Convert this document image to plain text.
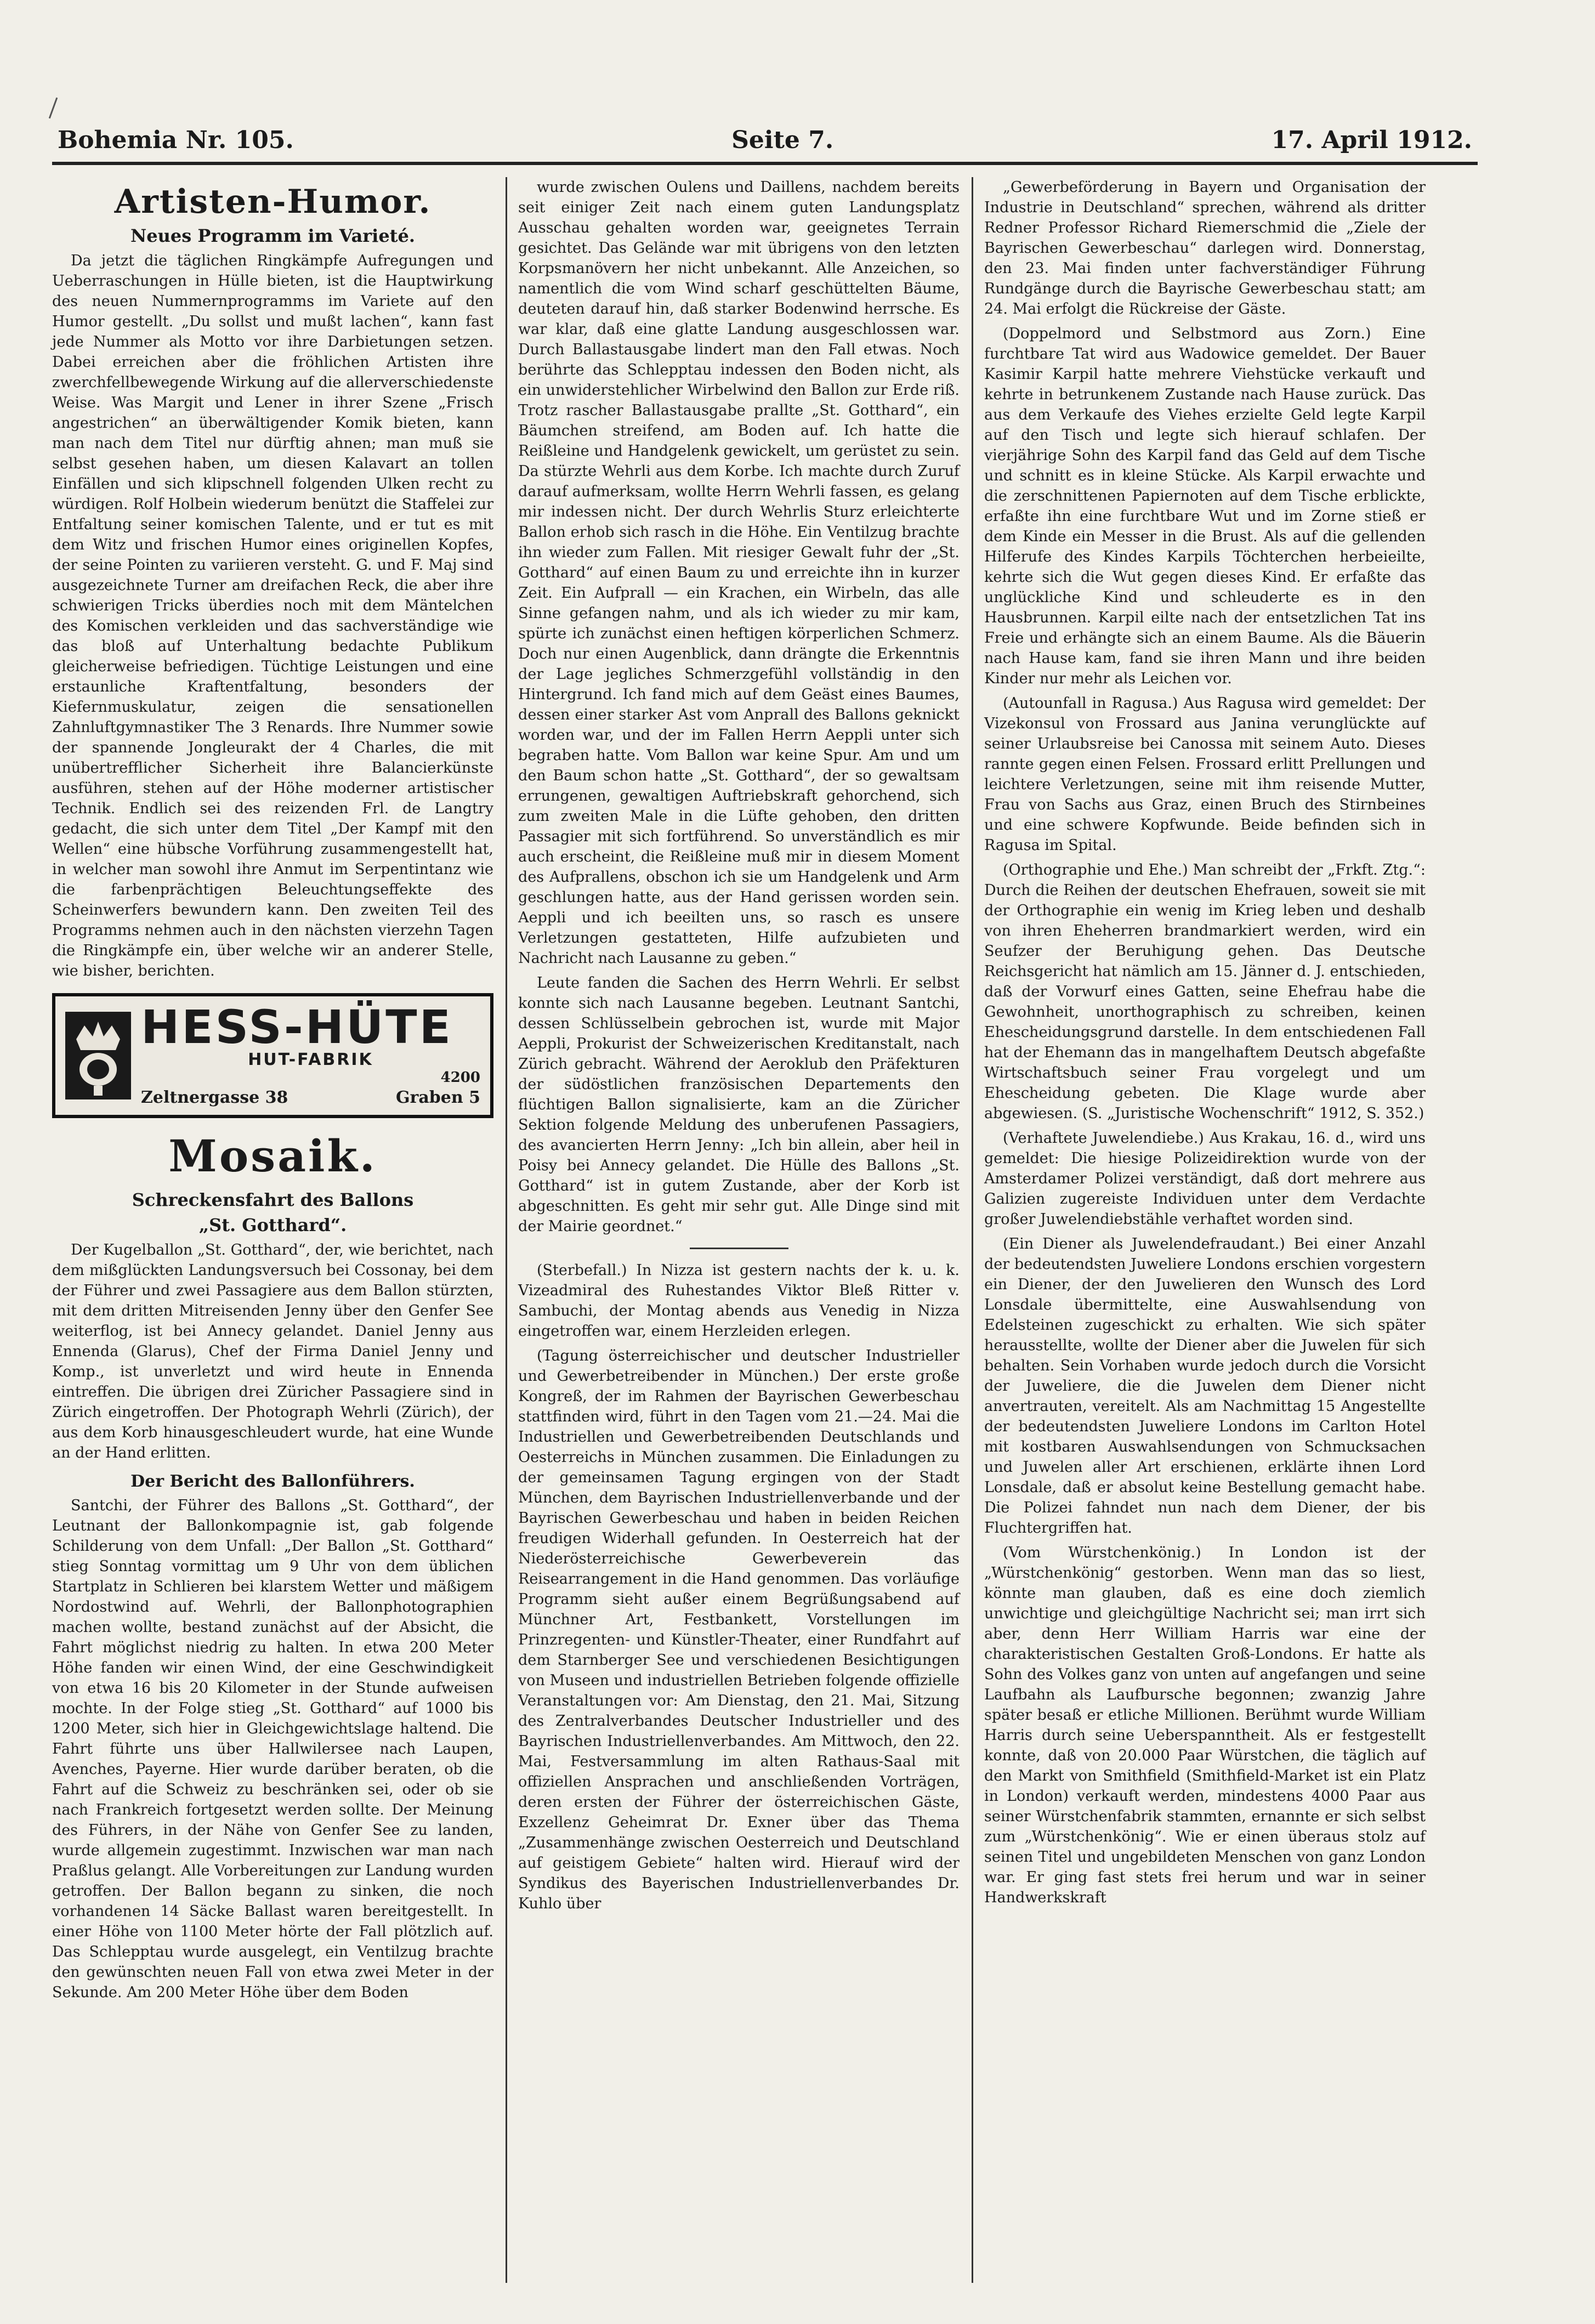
Bohemia Nr. 105.	Seite 7.	17. April 1912.
Artisten-Humor.
Neues Programm im Varieté.

Da jetzt die täglichen Ringkämpfe Aufregungen und Ueberraschungen in Hülle bieten, ist die Hauptwirkung des neuen Nummernprogramms im Variete auf den Humor gestellt. „Du sollst und mußt lachen“, kann fast jede Nummer als Motto vor ihre Darbietungen setzen. Dabei erreichen aber die fröhlichen Artisten ihre zwerchfellbewegende Wirkung auf die allerverschiedenste Weise. Was Margit und Lener in ihrer Szene „Frisch angestrichen“ an überwältigender Komik bieten, kann man nach dem Titel nur dürftig ahnen; man muß sie selbst gesehen haben, um diesen Kalavart an tollen Einfällen und sich klipschnell folgenden Ulken recht zu würdigen. Rolf Holbein wiederum benützt die Staffelei zur Entfaltung seiner komischen Talente, und er tut es mit dem Witz und frischen Humor eines originellen Kopfes, der seine Pointen zu variieren versteht. G. und F. Maj sind ausgezeichnete Turner am dreifachen Reck, die aber ihre schwierigen Tricks überdies noch mit dem Mäntelchen des Komischen verkleiden und das sachverständige wie das bloß auf Unterhaltung bedachte Publikum gleicherweise befriedigen. Tüchtige Leistungen und eine erstaunliche Kraftentfaltung, besonders der Kiefernmuskulatur, zeigen die sensationellen Zahnluftgymnastiker The 3 Renards. Ihre Nummer sowie der spannende Jongleurakt der 4 Charles, die mit unübertrefflicher Sicherheit ihre Balancierkünste ausführen, stehen auf der Höhe moderner artistischer Technik. Endlich sei des reizenden Frl. de Langtry gedacht, die sich unter dem Titel „Der Kampf mit den Wellen“ eine hübsche Vorführung zusammengestellt hat, in welcher man sowohl ihre Anmut im Serpentintanz wie die farbenprächtigen Beleuchtungseffekte des Scheinwerfers bewundern kann. Den zweiten Teil des Programms nehmen auch in den nächsten vierzehn Tagen die Ringkämpfe ein, über welche wir an anderer Stelle, wie bisher, berichten.

HESS-HÜTE
HUT-FABRIK
4200
Zeltnergasse 38	Graben 5
Mosaik.
Schreckensfahrt des Ballons
„St. Gotthard“.

Der Kugelballon „St. Gotthard“, der, wie berichtet, nach dem mißglückten Landungsversuch bei Cossonay, bei dem der Führer und zwei Passagiere aus dem Ballon stürzten, mit dem dritten Mitreisenden Jenny über den Genfer See weiterflog, ist bei Annecy gelandet. Daniel Jenny aus Ennenda (Glarus), Chef der Firma Daniel Jenny und Komp., ist unverletzt und wird heute in Ennenda eintreffen. Die übrigen drei Züricher Passagiere sind in Zürich eingetroffen. Der Photograph Wehrli (Zürich), der aus dem Korb hinausgeschleudert wurde, hat eine Wunde an der Hand erlitten.

Der Bericht des Ballonführers.

Santchi, der Führer des Ballons „St. Gotthard“, der Leutnant der Ballonkompagnie ist, gab folgende Schilderung von dem Unfall: „Der Ballon „St. Gotthard“ stieg Sonntag vormittag um 9 Uhr von dem üblichen Startplatz in Schlieren bei klarstem Wetter und mäßigem Nordostwind auf. Wehrli, der Ballonphotographien machen wollte, bestand zunächst auf der Absicht, die Fahrt möglichst niedrig zu halten. In etwa 200 Meter Höhe fanden wir einen Wind, der eine Geschwindigkeit von etwa 16 bis 20 Kilometer in der Stunde aufweisen mochte. In der Folge stieg „St. Gotthard“ auf 1000 bis 1200 Meter, sich hier in Gleichgewichtslage haltend. Die Fahrt führte uns über Hallwilersee nach Laupen, Avenches, Payerne. Hier wurde darüber beraten, ob die Fahrt auf die Schweiz zu beschränken sei, oder ob sie nach Frankreich fortgesetzt werden sollte. Der Meinung des Führers, in der Nähe von Genfer See zu landen, wurde allgemein zugestimmt. Inzwischen war man nach Praßlus gelangt. Alle Vorbereitungen zur Landung wurden getroffen. Der Ballon begann zu sinken, die noch vorhandenen 14 Säcke Ballast waren bereitgestellt. In einer Höhe von 1100 Meter hörte der Fall plötzlich auf. Das Schlepptau wurde ausgelegt, ein Ventilzug brachte den gewünschten neuen Fall von etwa zwei Meter in der Sekunde. Am 200 Meter Höhe über dem Boden

wurde zwischen Oulens und Daillens, nachdem bereits seit einiger Zeit nach einem guten Landungsplatz Ausschau gehalten worden war, geeignetes Terrain gesichtet. Das Gelände war mit übrigens von den letzten Korpsmanövern her nicht unbekannt. Alle Anzeichen, so namentlich die vom Wind scharf geschüttelten Bäume, deuteten darauf hin, daß starker Bodenwind herrsche. Es war klar, daß eine glatte Landung ausgeschlossen war. Durch Ballastausgabe lindert man den Fall etwas. Noch berührte das Schlepptau indessen den Boden nicht, als ein unwiderstehlicher Wirbelwind den Ballon zur Erde riß. Trotz rascher Ballastausgabe prallte „St. Gotthard“, ein Bäumchen streifend, am Boden auf. Ich hatte die Reißleine und Handgelenk gewickelt, um gerüstet zu sein. Da stürzte Wehrli aus dem Korbe. Ich machte durch Zuruf darauf aufmerksam, wollte Herrn Wehrli fassen, es gelang mir indessen nicht. Der durch Wehrlis Sturz erleichterte Ballon erhob sich rasch in die Höhe. Ein Ventilzug brachte ihn wieder zum Fallen. Mit riesiger Gewalt fuhr der „St. Gotthard“ auf einen Baum zu und erreichte ihn in kurzer Zeit. Ein Aufprall — ein Krachen, ein Wirbeln, das alle Sinne gefangen nahm, und als ich wieder zu mir kam, spürte ich zunächst einen heftigen körperlichen Schmerz. Doch nur einen Augenblick, dann drängte die Erkenntnis der Lage jegliches Schmerzgefühl vollständig in den Hintergrund. Ich fand mich auf dem Geäst eines Baumes, dessen einer starker Ast vom Anprall des Ballons geknickt worden war, und der im Fallen Herrn Aeppli unter sich begraben hatte. Vom Ballon war keine Spur. Am und um den Baum schon hatte „St. Gotthard“, der so gewaltsam errungenen, gewaltigen Auftriebskraft gehorchend, sich zum zweiten Male in die Lüfte gehoben, den dritten Passagier mit sich fortführend. So unverständlich es mir auch erscheint, die Reißleine muß mir in diesem Moment des Aufprallens, obschon ich sie um Handgelenk und Arm geschlungen hatte, aus der Hand gerissen worden sein. Aeppli und ich beeilten uns, so rasch es unsere Verletzungen gestatteten, Hilfe aufzubieten und Nachricht nach Lausanne zu geben.“

Leute fanden die Sachen des Herrn Wehrli. Er selbst konnte sich nach Lausanne begeben. Leutnant Santchi, dessen Schlüsselbein gebrochen ist, wurde mit Major Aeppli, Prokurist der Schweizerischen Kreditanstalt, nach Zürich gebracht. Während der Aeroklub den Präfekturen der südöstlichen französischen Departements den flüchtigen Ballon signalisierte, kam an die Züricher Sektion folgende Meldung des unberufenen Passagiers, des avancierten Herrn Jenny: „Ich bin allein, aber heil in Poisy bei Annecy gelandet. Die Hülle des Ballons „St. Gotthard“ ist in gutem Zustande, aber der Korb ist abgeschnitten. Es geht mir sehr gut. Alle Dinge sind mit der Mairie geordnet.“

(Sterbefall.) In Nizza ist gestern nachts der k. u. k. Vizeadmiral des Ruhestandes Viktor Bleß Ritter v. Sambuchi, der Montag abends aus Venedig in Nizza eingetroffen war, einem Herzleiden erlegen.

(Tagung österreichischer und deutscher Industrieller und Gewerbetreibender in München.) Der erste große Kongreß, der im Rahmen der Bayrischen Gewerbeschau stattfinden wird, führt in den Tagen vom 21.—24. Mai die Industriellen und Gewerbetreibenden Deutschlands und Oesterreichs in München zusammen. Die Einladungen zu der gemeinsamen Tagung ergingen von der Stadt München, dem Bayrischen Industriellenverbande und der Bayrischen Gewerbeschau und haben in beiden Reichen freudigen Widerhall gefunden. In Oesterreich hat der Niederösterreichische Gewerbeverein das Reisearrangement in die Hand genommen. Das vorläufige Programm sieht außer einem Begrüßungsabend auf Münchner Art, Festbankett, Vorstellungen im Prinzregenten- und Künstler-Theater, einer Rundfahrt auf dem Starnberger See und verschiedenen Besichtigungen von Museen und industriellen Betrieben folgende offizielle Veranstaltungen vor: Am Dienstag, den 21. Mai, Sitzung des Zentralverbandes Deutscher Industrieller und des Bayrischen Industriellenverbandes. Am Mittwoch, den 22. Mai, Festversammlung im alten Rathaus-Saal mit offiziellen Ansprachen und anschließenden Vorträgen, deren ersten der Führer der österreichischen Gäste, Exzellenz Geheimrat Dr. Exner über das Thema „Zusammenhänge zwischen Oesterreich und Deutschland auf geistigem Gebiete“ halten wird. Hierauf wird der Syndikus des Bayerischen Industriellenverbandes Dr. Kuhlo über

„Gewerbeförderung in Bayern und Organisation der Industrie in Deutschland“ sprechen, während als dritter Redner Professor Richard Riemerschmid die „Ziele der Bayrischen Gewerbeschau“ darlegen wird. Donnerstag, den 23. Mai finden unter fachverständiger Führung Rundgänge durch die Bayrische Gewerbeschau statt; am 24. Mai erfolgt die Rückreise der Gäste.

(Doppelmord und Selbstmord aus Zorn.) Eine furchtbare Tat wird aus Wadowice gemeldet. Der Bauer Kasimir Karpil hatte mehrere Viehstücke verkauft und kehrte in betrunkenem Zustande nach Hause zurück. Das aus dem Verkaufe des Viehes erzielte Geld legte Karpil auf den Tisch und legte sich hierauf schlafen. Der vierjährige Sohn des Karpil fand das Geld auf dem Tische und schnitt es in kleine Stücke. Als Karpil erwachte und die zerschnittenen Papiernoten auf dem Tische erblickte, erfaßte ihn eine furchtbare Wut und im Zorne stieß er dem Kinde ein Messer in die Brust. Als auf die gellenden Hilferufe des Kindes Karpils Töchterchen herbeieilte, kehrte sich die Wut gegen dieses Kind. Er erfaßte das unglückliche Kind und schleuderte es in den Hausbrunnen. Karpil eilte nach der entsetzlichen Tat ins Freie und erhängte sich an einem Baume. Als die Bäuerin nach Hause kam, fand sie ihren Mann und ihre beiden Kinder nur mehr als Leichen vor.

(Autounfall in Ragusa.) Aus Ragusa wird gemeldet: Der Vizekonsul von Frossard aus Janina verunglückte auf seiner Urlaubsreise bei Canossa mit seinem Auto. Dieses rannte gegen einen Felsen. Frossard erlitt Prellungen und leichtere Verletzungen, seine mit ihm reisende Mutter, Frau von Sachs aus Graz, einen Bruch des Stirnbeines und eine schwere Kopfwunde. Beide befinden sich in Ragusa im Spital.

(Orthographie und Ehe.) Man schreibt der „Frkft. Ztg.“: Durch die Reihen der deutschen Ehefrauen, soweit sie mit der Orthographie ein wenig im Krieg leben und deshalb von ihren Eheherren brandmarkiert werden, wird ein Seufzer der Beruhigung gehen. Das Deutsche Reichsgericht hat nämlich am 15. Jänner d. J. entschieden, daß der Vorwurf eines Gatten, seine Ehefrau habe die Gewohnheit, unorthographisch zu schreiben, keinen Ehescheidungsgrund darstelle. In dem entschiedenen Fall hat der Ehemann das in mangelhaftem Deutsch abgefaßte Wirtschaftsbuch seiner Frau vorgelegt und um Ehescheidung gebeten. Die Klage wurde aber abgewiesen. (S. „Juristische Wochenschrift“ 1912, S. 352.)

(Verhaftete Juwelendiebe.) Aus Krakau, 16. d., wird uns gemeldet: Die hiesige Polizeidirektion wurde von der Amsterdamer Polizei verständigt, daß dort mehrere aus Galizien zugereiste Individuen unter dem Verdachte großer Juwelendiebstähle verhaftet worden sind.

(Ein Diener als Juwelendefraudant.) Bei einer Anzahl der bedeutendsten Juweliere Londons erschien vorgestern ein Diener, der den Juwelieren den Wunsch des Lord Lonsdale übermittelte, eine Auswahlsendung von Edelsteinen zugeschickt zu erhalten. Wie sich später herausstellte, wollte der Diener aber die Juwelen für sich behalten. Sein Vorhaben wurde jedoch durch die Vorsicht der Juweliere, die die Juwelen dem Diener nicht anvertrauten, vereitelt. Als am Nachmittag 15 Angestellte der bedeutendsten Juweliere Londons im Carlton Hotel mit kostbaren Auswahlsendungen von Schmucksachen und Juwelen aller Art erschienen, erklärte ihnen Lord Lonsdale, daß er absolut keine Bestellung gemacht habe. Die Polizei fahndet nun nach dem Diener, der bis Fluchtergriffen hat.

(Vom Würstchenkönig.) In London ist der „Würstchenkönig“ gestorben. Wenn man das so liest, könnte man glauben, daß es eine doch ziemlich unwichtige und gleichgültige Nachricht sei; man irrt sich aber, denn Herr William Harris war eine der charakteristischen Gestalten Groß-Londons. Er hatte als Sohn des Volkes ganz von unten auf angefangen und seine Laufbahn als Laufbursche begonnen; zwanzig Jahre später besaß er etliche Millionen. Berühmt wurde William Harris durch seine Ueberspanntheit. Als er festgestellt konnte, daß von 20.000 Paar Würstchen, die täglich auf den Markt von Smithfield (Smithfield-Market ist ein Platz in London) verkauft werden, mindestens 4000 Paar aus seiner Würstchenfabrik stammten, ernannte er sich selbst zum „Würstchenkönig“. Wie er einen überaus stolz auf seinen Titel und ungebildeten Menschen von ganz London war. Er ging fast stets frei herum und war in seiner Handwerkskraft
